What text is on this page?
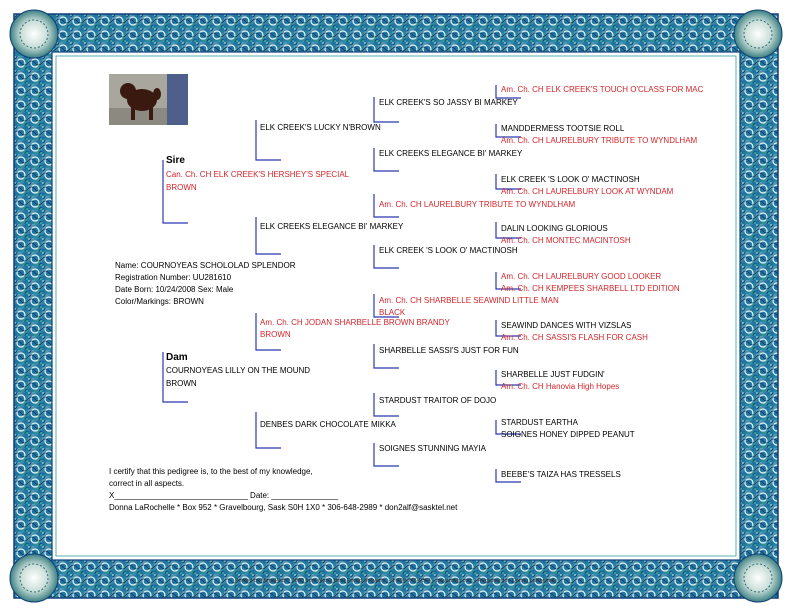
Sire
Can. Ch. CH ELK CREEK'S HERSHEY'S SPECIAL
BROWN
Dam
COURNOYEAS LILLY ON THE MOUND
BROWN
Name: COURNOYEAS SCHOLOLAD SPLENDOR
Registration Number: UU281610
Date Born: 10/24/2008 Sex: Male
Color/Markings: BROWN
ELK CREEK'S LUCKY N'BROWN
ELK CREEKS ELEGANCE BI' MARKEY
Am. Ch. CH JODAN SHARBELLE BROWN BRANDY
BROWN
DENBES DARK CHOCOLATE MIKKA
ELK CREEK'S SO JASSY BI MARKEY
ELK CREEKS ELEGANCE BI' MARKEY
Am. Ch. CH LAURELBURY TRIBUTE TO WYNDLHAM
ELK CREEK 'S LOOK O' MACTINOSH
Am. Ch. CH SHARBELLE SEAWIND LITTLE MAN
BLACK
SHARBELLE SASSI'S JUST FOR FUN
STARDUST TRAITOR OF DOJO
SOIGNES STUNNING MAYIA
Am. Ch. CH ELK CREEK'S TOUCH O'CLASS FOR MAC
MANDDERMESS TOOTSIE ROLL
Am. Ch. CH LAURELBURY TRIBUTE TO WYNDLHAM
ELK CREEK 'S LOOK O' MACTINOSH
Am. Ch. CH LAURELBURY LOOK AT WYNDAM
DALIN LOOKING GLORIOUS
Am. Ch. CH MONTEC MACINTOSH
Am. Ch. CH LAURELBURY GOOD LOOKER
Am. Ch. CH KEMPEES SHARBELL LTD EDITION
SEAWIND DANCES WITH VIZSLAS
Am. Ch. CH SASSI'S FLASH FOR CASH
SHARBELLE JUST FUDGIN'
Am. Ch. CH Hanovia High Hopes
STARDUST EARTHA
SOIGNES HONEY DIPPED PEANUT
BEEBE'S TAIZA HAS TRESSELS
I certify that this pedigree is, to the best of my knowledge,
correct in all aspects.
X______________________________ Date: _______________
Donna LaRochelle * Box 952 * Gravelbourg, Sask S0H 1X0 * 306-648-2989 * don2alf@sasktel.net
Printed by MegaPed™ 2008 from Man's Best Friend Software. - 1-800-746-9364 - www.mbfs.com - Registered to Donna LaRochelle
